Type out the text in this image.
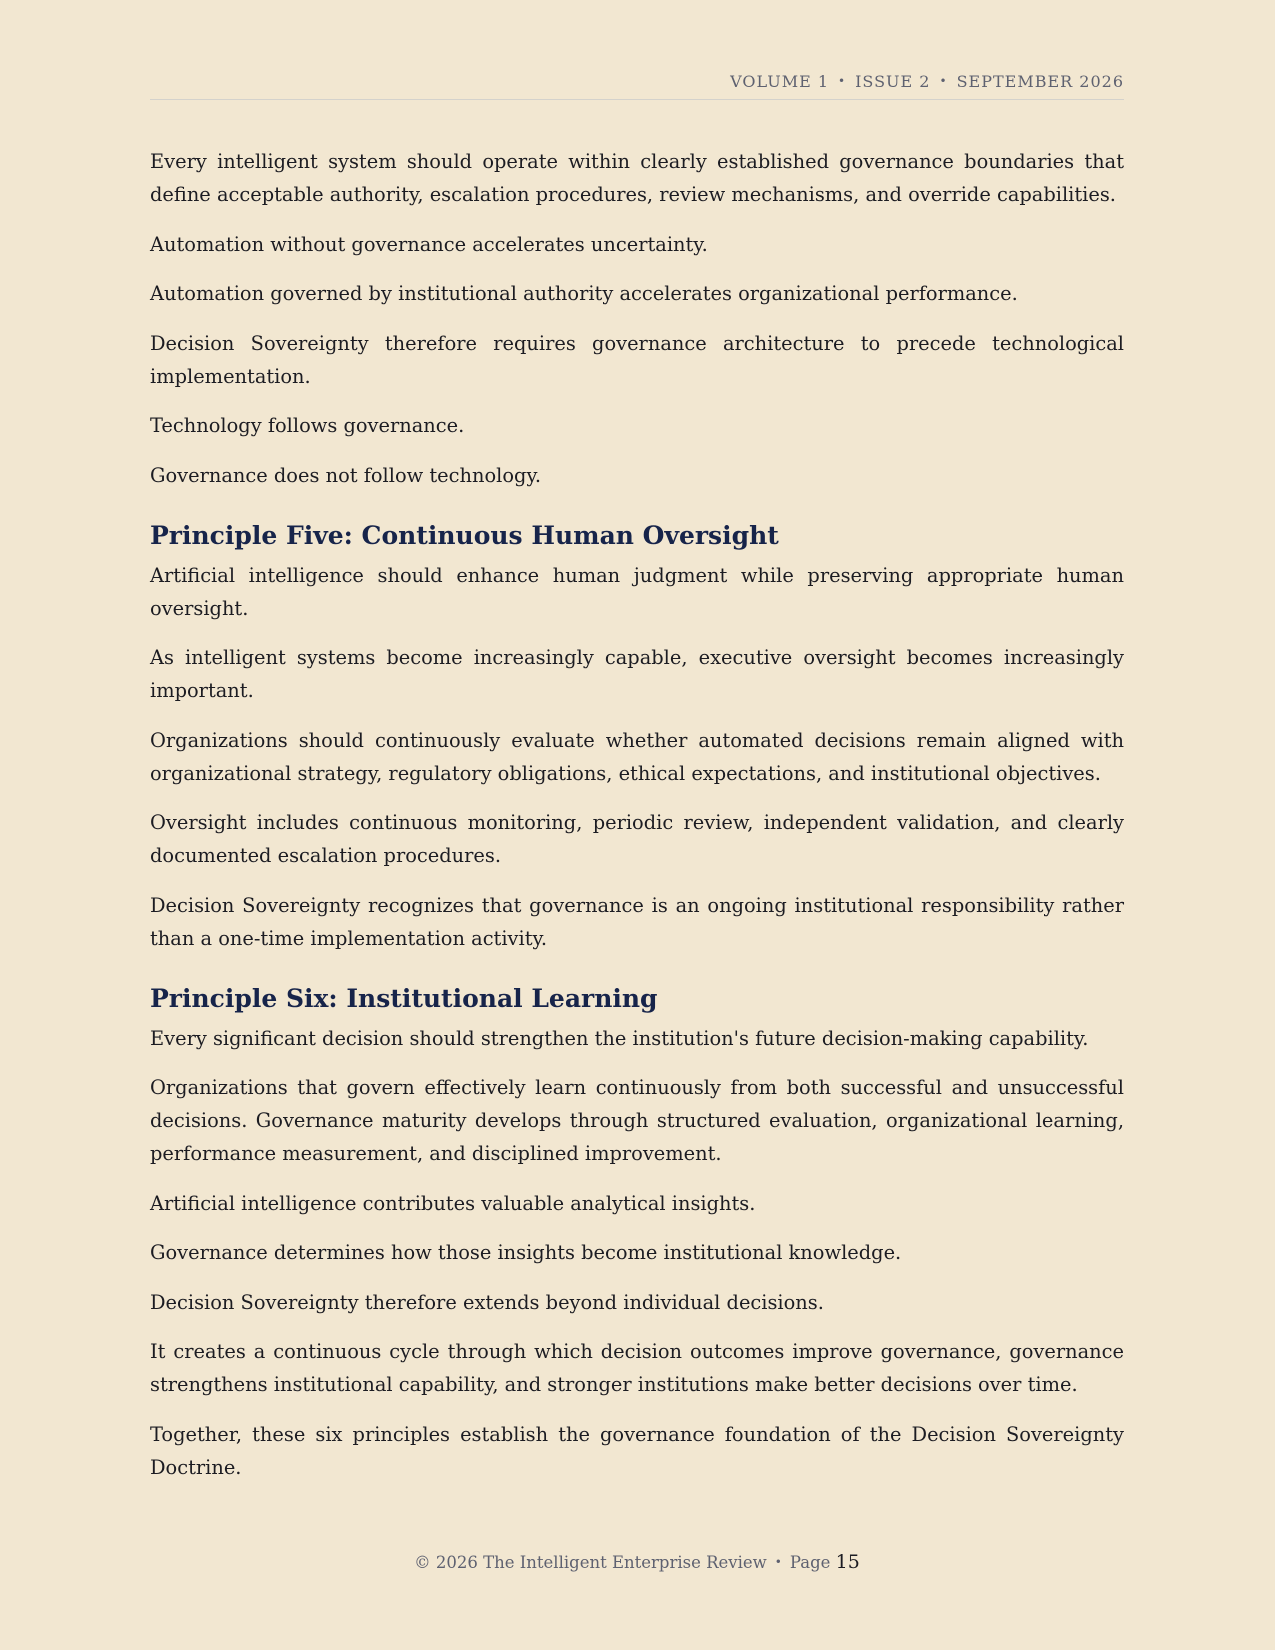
VOLUME 1 • ISSUE 2 • SEPTEMBER 2026

Every intelligent system should operate within clearly established governance boundaries that define acceptable authority, escalation procedures, review mechanisms, and override capabilities.

Automation without governance accelerates uncertainty.

Automation governed by institutional authority accelerates organizational performance.

Decision Sovereignty therefore requires governance architecture to precede technological implementation.

Technology follows governance.

Governance does not follow technology.

Principle Five: Continuous Human Oversight

Artificial intelligence should enhance human judgment while preserving appropriate human oversight.

As intelligent systems become increasingly capable, executive oversight becomes increasingly important.

Organizations should continuously evaluate whether automated decisions remain aligned with organizational strategy, regulatory obligations, ethical expectations, and institutional objectives.

Oversight includes continuous monitoring, periodic review, independent validation, and clearly documented escalation procedures.

Decision Sovereignty recognizes that governance is an ongoing institutional responsibility rather than a one-time implementation activity.

Principle Six: Institutional Learning

Every significant decision should strengthen the institution's future decision-making capability.

Organizations that govern effectively learn continuously from both successful and unsuccessful decisions. Governance maturity develops through structured evaluation, organizational learning, performance measurement, and disciplined improvement.

Artificial intelligence contributes valuable analytical insights.

Governance determines how those insights become institutional knowledge.

Decision Sovereignty therefore extends beyond individual decisions.

It creates a continuous cycle through which decision outcomes improve governance, governance strengthens institutional capability, and stronger institutions make better decisions over time.

Together, these six principles establish the governance foundation of the Decision Sovereignty Doctrine.

© 2026 The Intelligent Enterprise Review • Page 15
